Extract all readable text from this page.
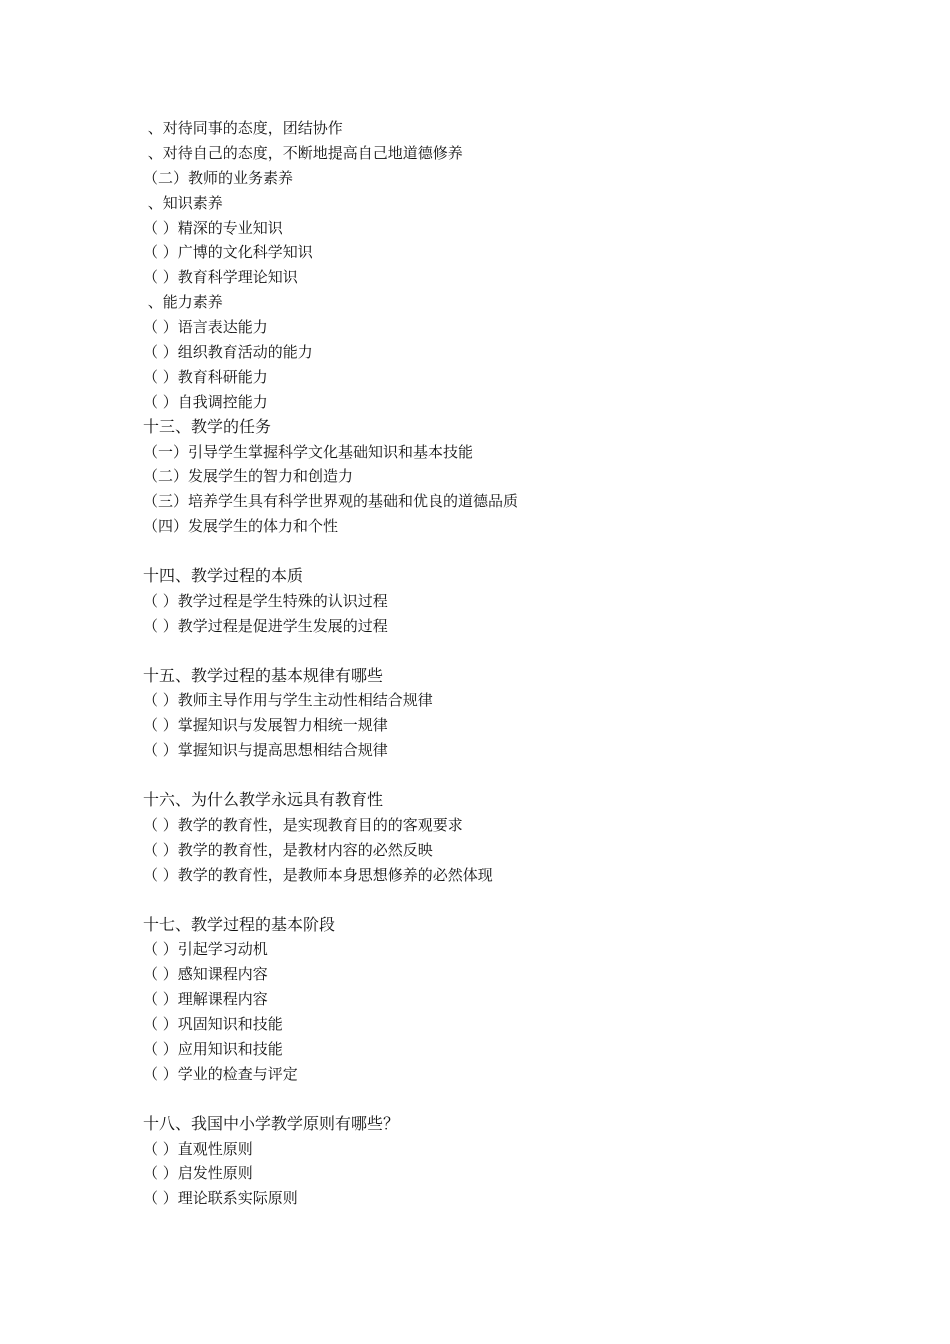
、对待同事的态度，团结协作
、对待自己的态度，不断地提高自己地道德修养
（二）教师的业务素养
、知识素养
（ ）精深的专业知识
（ ）广博的文化科学知识
（ ）教育科学理论知识
、能力素养
（ ）语言表达能力
（ ）组织教育活动的能力
（ ）教育科研能力
（ ）自我调控能力
十三、教学的任务
（一）引导学生掌握科学文化基础知识和基本技能
（二）发展学生的智力和创造力
（三）培养学生具有科学世界观的基础和优良的道德品质
（四）发展学生的体力和个性
十四、教学过程的本质
（ ）教学过程是学生特殊的认识过程
（ ）教学过程是促进学生发展的过程
十五、教学过程的基本规律有哪些
（ ）教师主导作用与学生主动性相结合规律
（ ）掌握知识与发展智力相统一规律
（ ）掌握知识与提高思想相结合规律
十六、为什么教学永远具有教育性
（ ）教学的教育性，是实现教育目的的客观要求
（ ）教学的教育性，是教材内容的必然反映
（ ）教学的教育性，是教师本身思想修养的必然体现
十七、教学过程的基本阶段
（ ）引起学习动机
（ ）感知课程内容
（ ）理解课程内容
（ ）巩固知识和技能
（ ）应用知识和技能
（ ）学业的检查与评定
十八、我国中小学教学原则有哪些？
（ ）直观性原则
（ ）启发性原则
（ ）理论联系实际原则
